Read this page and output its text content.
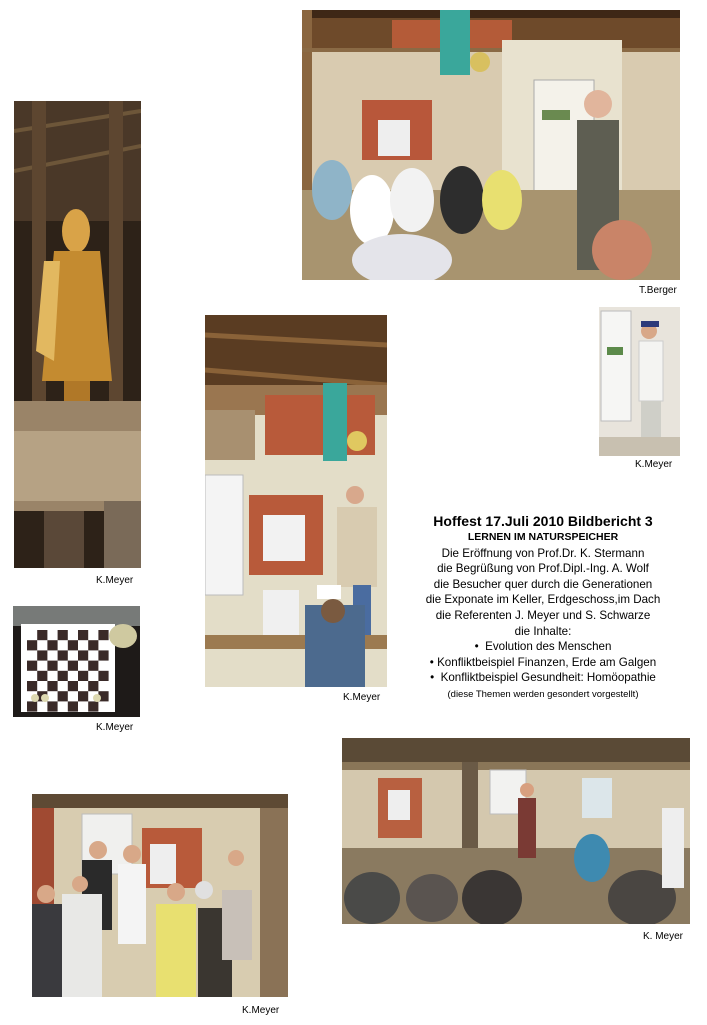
T.Berger
K.Meyer
K.Meyer
K.Meyer
K.Meyer
K. Meyer
K.Meyer
Hoffest 17.Juli 2010 Bildbericht 3
LERNEN IM NATURSPEICHER
Die Eröffnung von Prof.Dr. K. Stermann
die Begrüßung von Prof.Dipl.-Ing. A. Wolf
die Besucher quer durch die Generationen
die Exponate im Keller, Erdgeschoss,im Dach
die Referenten J. Meyer und S. Schwarze
die Inhalte:
•  Evolution des Menschen
• Konfliktbeispiel Finanzen, Erde am Galgen
•  Konfliktbeispiel Gesundheit: Homöopathie
(diese Themen werden gesondert vorgestellt)
